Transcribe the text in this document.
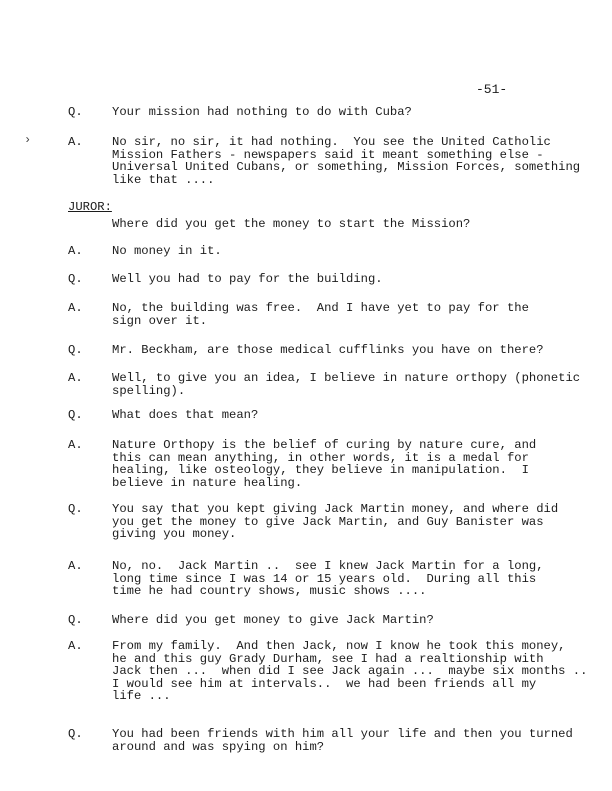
-51-
›
JUROR:
Q. Your mission had nothing to do with Cuba?
A. No sir, no sir, it had nothing.  You see the United Catholic
Mission Fathers - newspapers said it meant something else -
Universal United Cubans, or something, Mission Forces, something
like that ....
Where did you get the money to start the Mission?
A. No money in it.
Q. Well you had to pay for the building.
A. No, the building was free.  And I have yet to pay for the
sign over it.
Q. Mr. Beckham, are those medical cufflinks you have on there?
A. Well, to give you an idea, I believe in nature orthopy (phonetic
spelling).
Q. What does that mean?
A. Nature Orthopy is the belief of curing by nature cure, and
this can mean anything, in other words, it is a medal for
healing, like osteology, they believe in manipulation.  I
believe in nature healing.
Q. You say that you kept giving Jack Martin money, and where did
you get the money to give Jack Martin, and Guy Banister was
giving you money.
A. No, no.  Jack Martin ..  see I knew Jack Martin for a long,
long time since I was 14 or 15 years old.  During all this
time he had country shows, music shows ....
Q. Where did you get money to give Jack Martin?
A. From my family.  And then Jack, now I know he took this money,
he and this guy Grady Durham, see I had a realtionship with
Jack then ...  when did I see Jack again ...  maybe six months ..
I would see him at intervals..  we had been friends all my
life ...
Q. You had been friends with him all your life and then you turned
around and was spying on him?
